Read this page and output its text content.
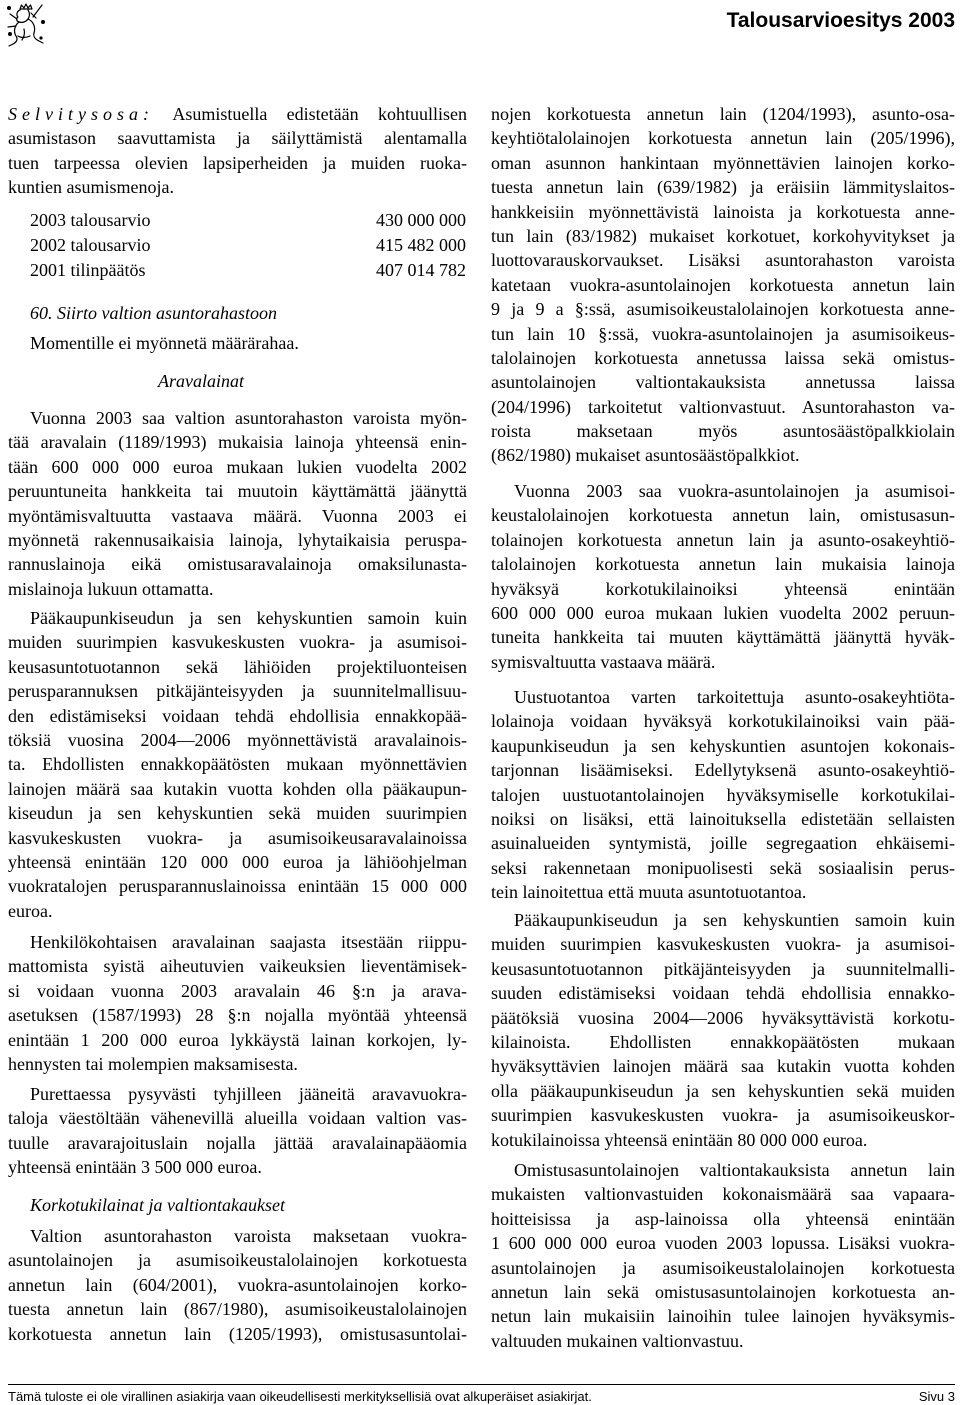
Talousarvioesitys 2003
Selvitysosa: Asumistuella edistetään kohtuullisen
asumistason saavuttamista ja säilyttämistä alentamalla
tuen tarpeessa olevien lapsiperheiden ja muiden ruoka-
kuntien asumismenoja.
2003 talousarvio	430 000 000
2002 talousarvio	415 482 000
2001 tilinpäätös	407 014 782
60. Siirto valtion asuntorahastoon
Momentille ei myönnetä määrärahaa.
Aravalainat
Vuonna 2003 saa valtion asuntorahaston varoista myön-
tää aravalain (1189/1993) mukaisia lainoja yhteensä enin-
tään 600 000 000 euroa mukaan lukien vuodelta 2002
peruuntuneita hankkeita tai muutoin käyttämättä jäänyttä
myöntämisvaltuutta vastaava määrä. Vuonna 2003 ei
myönnetä rakennusaikaisia lainoja, lyhytaikaisia peruspa-
rannuslainoja eikä omistusaravalainoja omaksilunasta-
mislainoja lukuun ottamatta.
Pääkaupunkiseudun ja sen kehyskuntien samoin kuin
muiden suurimpien kasvukeskusten vuokra- ja asumisoi-
keusasuntotuotannon sekä lähiöiden projektiluonteisen
perusparannuksen pitkäjänteisyyden ja suunnitelmallisuu-
den edistämiseksi voidaan tehdä ehdollisia ennakkopää-
töksiä vuosina 2004—2006 myönnettävistä aravalainois-
ta. Ehdollisten ennakkopäätösten mukaan myönnettävien
lainojen määrä saa kutakin vuotta kohden olla pääkaupun-
kiseudun ja sen kehyskuntien sekä muiden suurimpien
kasvukeskusten vuokra- ja asumisoikeusaravalainoissa
yhteensä enintään 120 000 000 euroa ja lähiöohjelman
vuokratalojen perusparannuslainoissa enintään 15 000 000
euroa.
Henkilökohtaisen aravalainan saajasta itsestään riippu-
mattomista syistä aiheutuvien vaikeuksien lieventämisek-
si voidaan vuonna 2003 aravalain 46 §:n ja arava-
asetuksen (1587/1993) 28 §:n nojalla myöntää yhteensä
enintään 1 200 000 euroa lykkäystä lainan korkojen, ly-
hennysten tai molempien maksamisesta.
Purettaessa pysyvästi tyhjilleen jääneitä aravavuokra-
taloja väestöltään vähenevillä alueilla voidaan valtion vas-
tuulle aravarajoituslain nojalla jättää aravalainapääomia
yhteensä enintään 3 500 000 euroa.
Korkotukilainat ja valtiontakaukset
Valtion asuntorahaston varoista maksetaan vuokra-
asuntolainojen ja asumisoikeustalolainojen korkotuesta
annetun lain (604/2001), vuokra-asuntolainojen korko-
tuesta annetun lain (867/1980), asumisoikeustalolainojen
korkotuesta annetun lain (1205/1993), omistusasuntolai-
nojen korkotuesta annetun lain (1204/1993), asunto-osa-
keyhtiötalolainojen korkotuesta annetun lain (205/1996),
oman asunnon hankintaan myönnettävien lainojen korko-
tuesta annetun lain (639/1982) ja eräisiin lämmityslaitos-
hankkeisiin myönnettävistä lainoista ja korkotuesta anne-
tun lain (83/1982) mukaiset korkotuet, korkohyvitykset ja
luottovarauskorvaukset. Lisäksi asuntorahaston varoista
katetaan vuokra-asuntolainojen korkotuesta annetun lain
9 ja 9 a §:ssä, asumisoikeustalolainojen korkotuesta anne-
tun lain 10 §:ssä, vuokra-asuntolainojen ja asumisoikeus-
talolainojen korkotuesta annetussa laissa sekä omistus-
asuntolainojen valtiontakauksista annetussa laissa
(204/1996) tarkoitetut valtionvastuut. Asuntorahaston va-
roista maksetaan myös asuntosäästöpalkkiolain
(862/1980) mukaiset asuntosäästöpalkkiot.
Vuonna 2003 saa vuokra-asuntolainojen ja asumisoi-
keustalolainojen korkotuesta annetun lain, omistusasun-
tolainojen korkotuesta annetun lain ja asunto-osakeyhtiö-
talolainojen korkotuesta annetun lain mukaisia lainoja
hyväksyä korkotukilainoiksi yhteensä enintään
600 000 000 euroa mukaan lukien vuodelta 2002 peruun-
tuneita hankkeita tai muuten käyttämättä jäänyttä hyväk-
symisvaltuutta vastaava määrä.
Uustuotantoa varten tarkoitettuja asunto-osakeyhtiöta-
lolainoja voidaan hyväksyä korkotukilainoiksi vain pää-
kaupunkiseudun ja sen kehyskuntien asuntojen kokonais-
tarjonnan lisäämiseksi. Edellytyksenä asunto-osakeyhtiö-
talojen uustuotantolainojen hyväksymiselle korkotukilai-
noiksi on lisäksi, että lainoituksella edistetään sellaisten
asuinalueiden syntymistä, joille segregaation ehkäisemi-
seksi rakennetaan monipuolisesti sekä sosiaalisin perus-
tein lainoitettua että muuta asuntotuotantoa.
Pääkaupunkiseudun ja sen kehyskuntien samoin kuin
muiden suurimpien kasvukeskusten vuokra- ja asumisoi-
keusasuntotuotannon pitkäjänteisyyden ja suunnitelmalli-
suuden edistämiseksi voidaan tehdä ehdollisia ennakko-
päätöksiä vuosina 2004—2006 hyväksyttävistä korkotu-
kilainoista. Ehdollisten ennakkopäätösten mukaan
hyväksyttävien lainojen määrä saa kutakin vuotta kohden
olla pääkaupunkiseudun ja sen kehyskuntien sekä muiden
suurimpien kasvukeskusten vuokra- ja asumisoikeuskor-
kotukilainoissa yhteensä enintään 80 000 000 euroa.
Omistusasuntolainojen valtiontakauksista annetun lain
mukaisten valtionvastuiden kokonaismäärä saa vapaara-
hoitteisissa ja asp-lainoissa olla yhteensä enintään
1 600 000 000 euroa vuoden 2003 lopussa. Lisäksi vuokra-
asuntolainojen ja asumisoikeustalolainojen korkotuesta
annetun lain sekä omistusasuntolainojen korkotuesta an-
netun lain mukaisiin lainoihin tulee lainojen hyväksymis-
valtuuden mukainen valtionvastuu.
Tämä tuloste ei ole virallinen asiakirja vaan oikeudellisesti merkityksellisiä ovat alkuperäiset asiakirjat.	Sivu 3
